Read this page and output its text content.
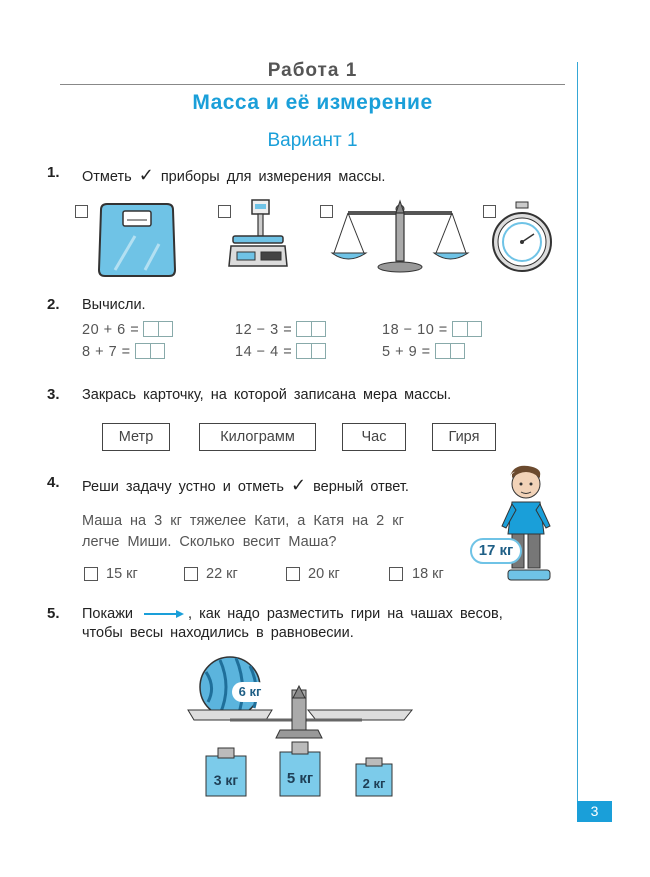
Работа 1
Масса и её измерение
Вариант 1
1. Отметь ✓ приборы для измерения массы.
2. Вычисли.
20 + 6 =	12 − 3 =	18 − 10 =
8 + 7 =	14 − 4 =	5 + 9 =
3. Закрась карточку, на которой записана мера массы.
Метр	Килограмм	Час	Гиря
4. Реши задачу устно и отметь ✓ верный ответ.
Маша на 3 кг тяжелее Кати, а Катя на 2 кг
легче Миши. Сколько весит Маша?
15 кг	22 кг	20 кг	18 кг
17 кг
5. Покажи	, как надо разместить гири на чашах весов,
чтобы весы находились в равновесии.
6 кг
3 кг	5 кг	2 кг
3
